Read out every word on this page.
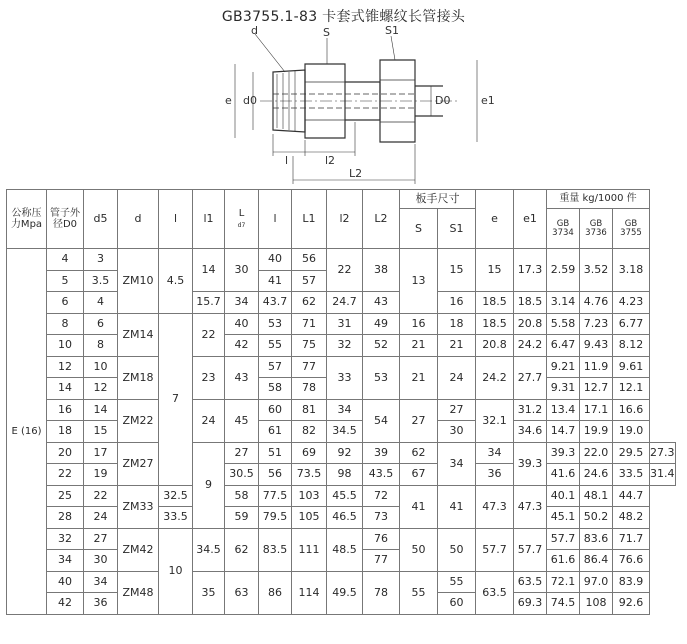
GB3755.1-83 卡套式锥螺纹长管接头
d	S	S1
e d0	D0	e1
l	l2
L2
公称压力Mpa	管子外径D0	d5	d	l	l1	L
d7	l	L1	l2	L2	板手尺寸		e	e1	重量 kg/1000 件			
											S	S1			GB 3734	GB 3736	GB 3755	
E (16)	4	3	ZM10	4.5	14	30	40	56	22	38	13	15	15	17.3	2.59	3.52	3.18	
	5	3.5					41	57										
	6	4			15.7	34	43.7	62	24.7	43		16	18.5	18.5	3.14	4.76	4.23	
	8	6	ZM14	7	22	40	53	71	31	49	16	18	18.5	20.8	5.58	7.23	6.77	
	10	8				42	55	75	32	52	21	21	20.8	24.2	6.47	9.43	8.12	
	12	10	ZM18		23	43	57	77	33	53	21	24	24.2	27.7	9.21	11.9	9.61	
	14	12					58	78							9.31	12.7	12.1	
	16	14	ZM22		24	45	60	81	34	54	27	27	32.1	31.2	13.4	17.1	16.6	
	18	15					61	82	34.5			30		34.6	14.7	19.9	19.0	
	20	17	ZM27		9	27	51	69	92	39	62	34	34	39.3	39.3	22.0	29.5	27.3
	22	19				30.5	56	73.5	98	43.5	67		36		41.6	24.6	33.5	31.4
	25	22	ZM33	32.5		58	77.5	103	45.5	72	41	41	47.3	47.3	40.1	48.1	44.7	
	28	24		33.5		59	79.5	105	46.5	73					45.1	50.2	48.2	
	32	27	ZM42	10	34.5	62	83.5	111	48.5	76	50	50	57.7	57.7	57.7	83.6	71.7	
	34	30								77					61.6	86.4	76.6	
	40	34	ZM48		35	63	86	114	49.5	78	55	55	63.5	63.5	72.1	97.0	83.9	
	42	36										60		69.3	74.5	108	92.6	
